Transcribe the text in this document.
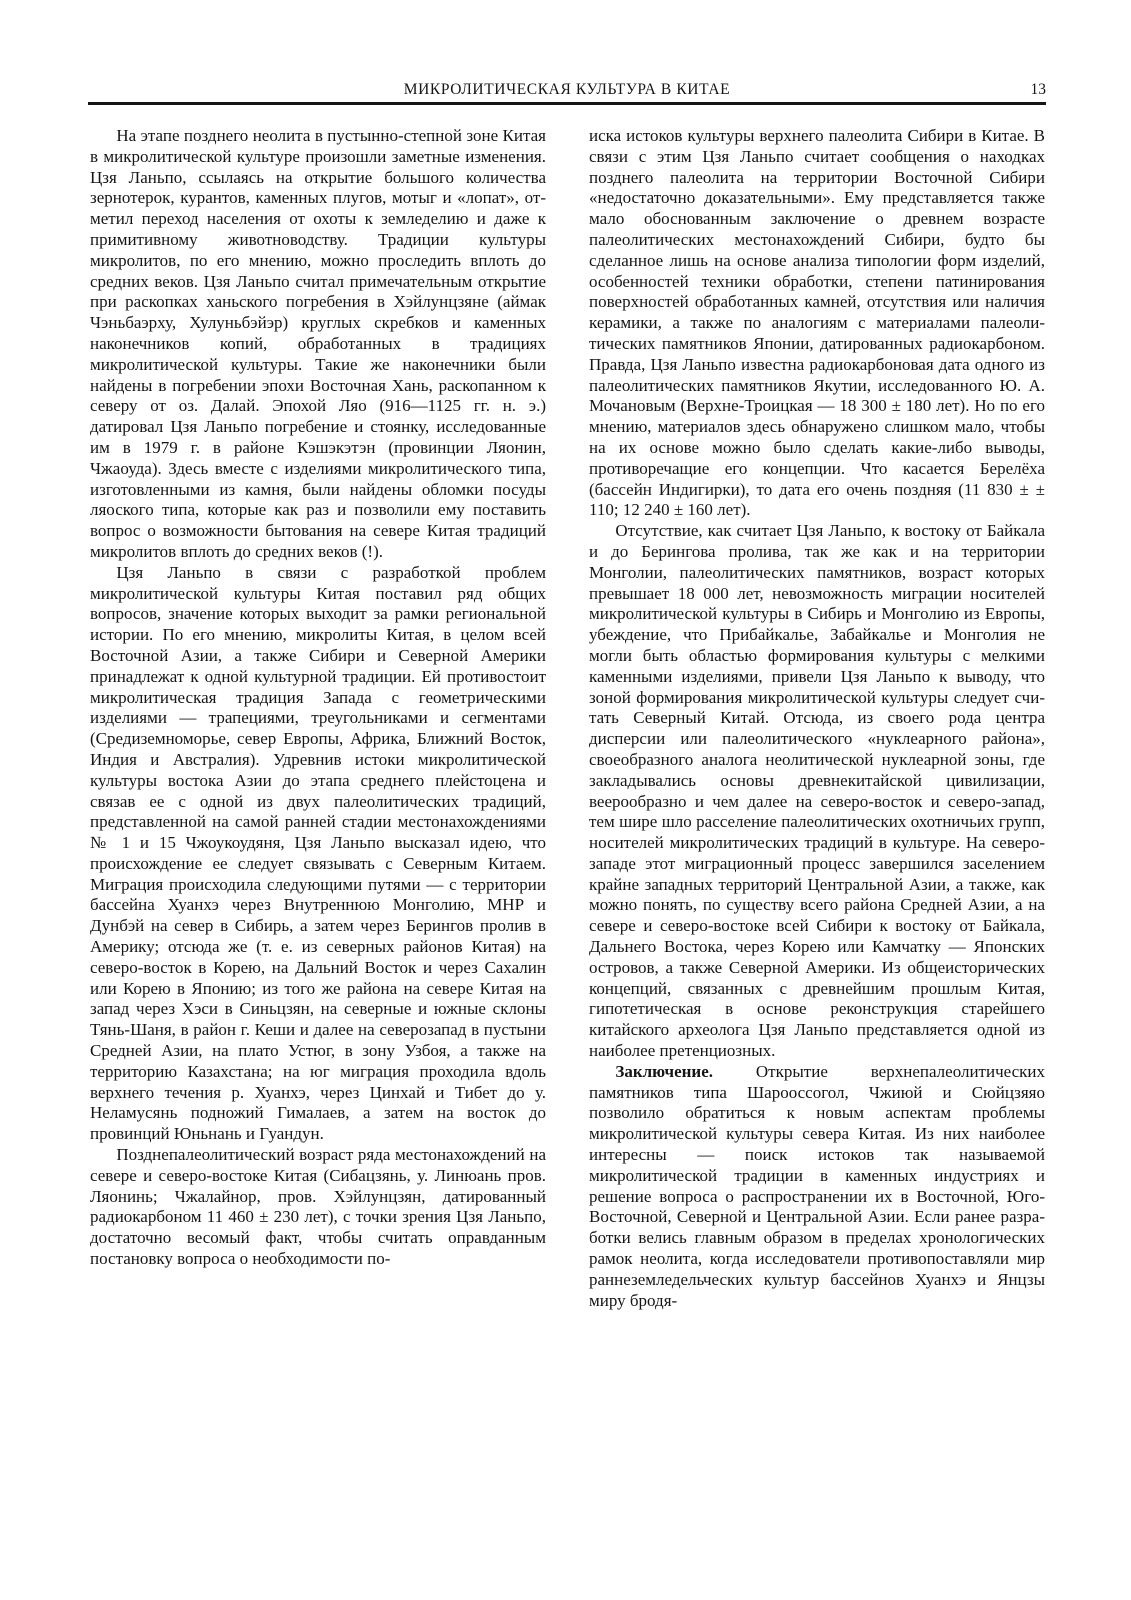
МИКРОЛИТИЧЕСКАЯ КУЛЬТУРА В КИТАЕ	13

На этапе позднего неолита в пустынно-степной зоне Китая в микролитической культуре произошли заметные изменения. Цзя Ланьпо, ссылаясь на открытие большого количества зернотерок, курантов, каменных плугов, мотыг и «лопат», отметил переход населения от охоты к земледелию и даже к примитивному животноводству. Традиции культуры микролитов, по его мнению, можно проследить вплоть до средних веков. Цзя Ланьпо считал примечательным открытие при раскопках ханьского погребения в Хэйлунцзяне (аймак Чэньбаэрху, Хулуньбэйэр) круглых скребков и каменных наконечников копий, обработанных в традициях микролитической культуры. Такие же наконечники были найдены в погребении эпохи Восточная Хань, раскопанном к северу от оз. Далай. Эпохой Ляо (916—1125 гг. н. э.) датировал Цзя Ланьпо погребение и стоянку, исследованные им в 1979 г. в районе Кэшэкэтэн (провинции Ляонин, Чжаоуда). Здесь вместе с изделиями микролитического типа, изготовленными из камня, были найдены обломки посуды ляоского типа, которые как раз и позволили ему поставить вопрос о возможности бытования на севере Китая традиций микролитов вплоть до средних веков (!).

Цзя Ланьпо в связи с разработкой проблем микролитической культуры Китая поставил ряд общих вопросов, значение которых выходит за рамки региональной истории. По его мнению, микролиты Китая, в целом всей Восточной Азии, а также Сибири и Северной Америки принадлежат к одной культурной традиции. Ей противостоит микролитическая традиция Запада с геометрическими изделиями — трапециями, треугольниками и сегментами (Средиземноморье, север Европы, Африка, Ближний Восток, Индия и Австралия). Удревнив истоки микролитической культуры востока Азии до этапа среднего плейстоцена и связав ее с одной из двух палеолитических традиций, представленной на самой ранней стадии местонахождениями № 1 и 15 Чжоукоудяня, Цзя Ланьпо высказал идею, что происхождение ее следует связывать с Северным Китаем. Миграция происходила следующими путями — с территории бассейна Хуанхэ через Внутреннюю Монголию, МНР и Дунбэй на север в Сибирь, а затем через Берингов пролив в Америку; отсюда же (т. е. из северных районов Китая) на северо-восток в Корею, на Дальний Восток и через Сахалин или Корею в Японию; из того же района на севере Китая на запад через Хэси в Синьцзян, на северные и южные склоны Тянь-Шаня, в район г. Кеши и далее на северозапад в пустыни Средней Азии, на плато Устюг, в зону Узбоя, а также на территорию Казахстана; на юг миграция проходила вдоль верхнего течения р. Хуанхэ, через Цинхай и Тибет до у. Неламусянь подножий Гималаев, а затем на восток до провинций Юньнань и Гуандун.

Позднепалеолитический возраст ряда местонахождений на севере и северо-востоке Китая (Сибацзянь, у. Линюань пров. Ляонинь; Чжалайнор, пров. Хэйлунцзян, датированный радиокарбоном 11 460 ± 230 лет), с точки зрения Цзя Ланьпо, достаточно весомый факт, чтобы считать оправданным постановку вопроса о необходимости по-

иска истоков культуры верхнего палеолита Сибири в Китае. В связи с этим Цзя Ланьпо считает сообщения о находках позднего палеолита на территории Восточной Сибири «недостаточно доказательными». Ему представляется также мало обоснованным заключение о древнем возрасте палеолитических местонахождений Сибири, будто бы сделанное лишь на основе анализа типологии форм изделий, особенностей техники обработки, степени патинирования поверхностей обработанных камней, отсутствия или наличия керамики, а также по аналогиям с материалами палеолитических памятников Японии, датированных радиокарбоном. Правда, Цзя Ланьпо известна радиокарбоновая дата одного из палеолитических памятников Якутии, исследованного Ю. А. Мочановым (Верхне-Троицкая — 18 300 ± 180 лет). Но по его мнению, материалов здесь обнаружено слишком мало, чтобы на их основе можно было сделать какие-либо выводы, противоречащие его концепции. Что касается Берелёха (бассейн Индигирки), то дата его очень поздняя (11 830 ± ± 110; 12 240 ± 160 лет).

Отсутствие, как считает Цзя Ланьпо, к востоку от Байкала и до Берингова пролива, так же как и на территории Монголии, палеолитических памятников, возраст которых превышает 18 000 лет, невозможность миграции носителей микролитической культуры в Сибирь и Монголию из Европы, убеждение, что Прибайкалье, Забайкалье и Монголия не могли быть областью формирования культуры с мелкими каменными изделиями, привели Цзя Ланьпо к выводу, что зоной формирования микролитической культуры следует считать Северный Китай. Отсюда, из своего рода центра дисперсии или палеолитического «нуклеарного района», своеобразного аналога неолитической нуклеарной зоны, где закладывались основы древнекитайской цивилизации, веерообразно и чем далее на северо-восток и северо-запад, тем шире шло расселение палеолитических охотничьих групп, носителей микролитических традиций в культуре. На северо-западе этот миграционный процесс завершился заселением крайне западных территорий Центральной Азии, а также, как можно понять, по существу всего района Средней Азии, а на севере и северо-востоке всей Сибири к востоку от Байкала, Дальнего Востока, через Корею или Камчатку — Японских островов, а также Северной Америки. Из общеисторических концепций, связанных с древнейшим прошлым Китая, гипотетическая в основе реконструкция старейшего китайского археолога Цзя Ланьпо представляется одной из наиболее претенциозных.

Заключение. Открытие верхнепалеолитических памятников типа Шарооссогол, Чжиюй и Сюйцзяяо позволило обратиться к новым аспектам проблемы микролитической культуры севера Китая. Из них наиболее интересны — поиск истоков так называемой микролитической традиции в каменных индустриях и решение вопроса о распространении их в Восточной, Юго-Восточной, Северной и Центральной Азии. Если ранее разработки велись главным образом в пределах хронологических рамок неолита, когда исследователи противопоставляли мир раннеземледельческих культур бассейнов Хуанхэ и Янцзы миру бродя-
